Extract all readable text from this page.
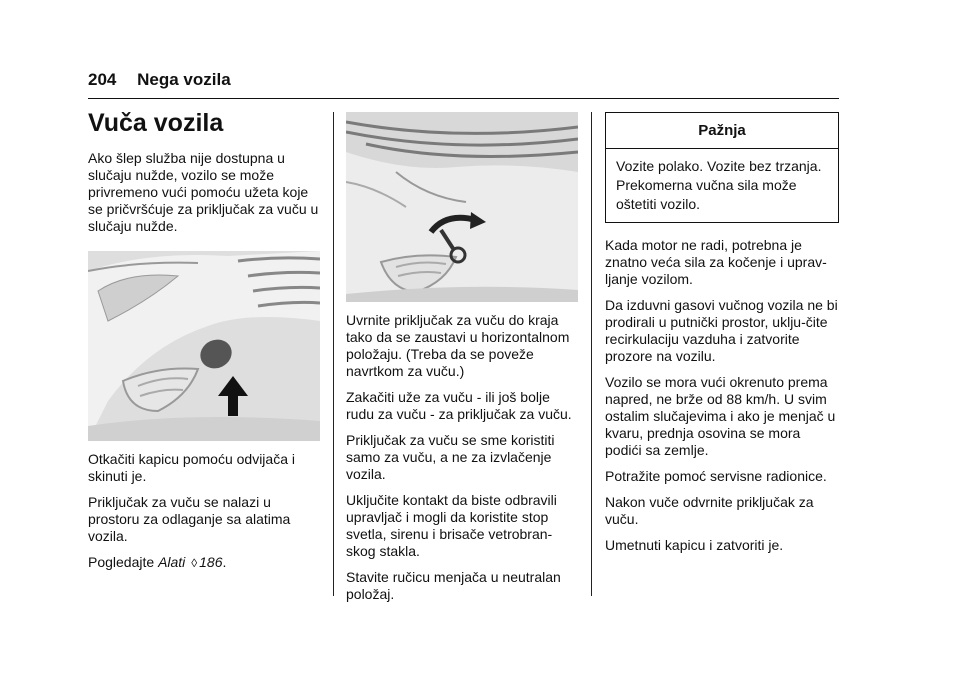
204 Nega vozila
Vuča vozila

Ako šlep služba nije dostupna u slučaju nužde, vozilo se može privremeno vući pomoću užeta koje se pričvršćuje za priključak za vuču u slučaju nužde.

Otkačiti kapicu pomoću odvijača i skinuti je.

Priključak za vuču se nalazi u prostoru za odlaganje sa alatima vozila.

Pogledajte Alati ◊ 186.

Uvrnite priključak za vuču do kraja tako da se zaustavi u horizontalnom položaju. (Treba da se poveže navrtkom za vuču.)

Zakačiti uže za vuču - ili još bolje rudu za vuču - za priključak za vuču.

Priključak za vuču se sme koristiti samo za vuču, a ne za izvlačenje vozila.

Uključite kontakt da biste odbravili upravljač i mogli da koristite stop svetla, sirenu i brisače vetrobran-skog stakla.

Stavite ručicu menjača u neutralan položaj.

Pažnja
Vozite polako. Vozite bez trzanja. Prekomerna vučna sila može oštetiti vozilo.

Kada motor ne radi, potrebna je znatno veća sila za kočenje i uprav-ljanje vozilom.

Da izduvni gasovi vučnog vozila ne bi prodirali u putnički prostor, uklju-čite recirkulaciju vazduha i zatvorite prozore na vozilu.

Vozilo se mora vući okrenuto prema napred, ne brže od 88 km/h. U svim ostalim slučajevima i ako je menjač u kvaru, prednja osovina se mora podići sa zemlje.

Potražite pomoć servisne radionice.

Nakon vuče odvrnite priključak za vuču.

Umetnuti kapicu i zatvoriti je.
